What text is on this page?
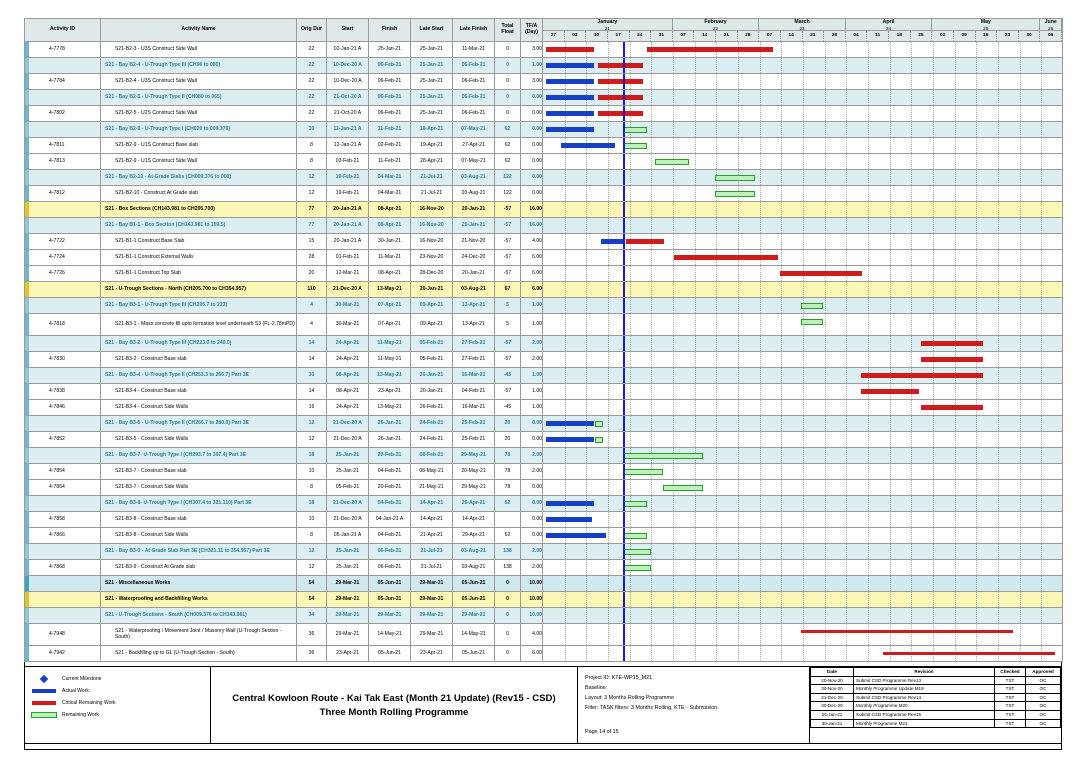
Activity ID	Activity Name	Orig Dur	Start	Finish	Late Start	Late Finish	Total Float	TF/A (Day)	
January
21
February
22
March
23
April
24
May
25
June
26
27	03	10	17	24	31	07	14	21	28	07	14	21	28	04	11	18	25	02	09	16	23	30	06

4-7778	S21-B2-3 - U3S Construct Side Wall	22	02-Jan-21 A	25-Jan-21	25-Jan-21	11-Mar-21	0	3.00	

	S21 - Bay B2-4 - U-Trough Type III (CH96 to 080)	22	10-Dec-20 A	06-Feb-21	25-Jan-21	06-Feb-21	0	1.00	

4-7784	S21-B2-4 - U3S Construct Side Wall	22	10-Dec-20 A	06-Feb-21	25-Jan-21	06-Feb-21	0	3.00	

	S21 - Bay B2-5 - U-Trough Type II (CH080 to 065)	22	21-Oct-20 A	06-Feb-21	25-Jan-21	06-Feb-21	0	0.00	

4-7802	S21-B2-5 - U2S Construct Side Wall	22	21-Oct-20 A	06-Feb-21	25-Jan-21	06-Feb-21	0	0.00	

	S21 - Bay B2-9 - U-Trough Type I (CH020 to 009.376)	39	11-Jan-21 A	11-Feb-21	19-Apr-21	07-May-21	62	0.00	

4-7811	S21-B2-9 - U1S Construct Base slab	8	12-Jan-21 A	02-Feb-21	19-Apr-21	27-Apr-21	62	0.00	

4-7813	S21-B2-9 - U1S Construct Side Wall	8	03-Feb-21	11-Feb-21	28-Apr-21	07-May-21	62	0.00	

	S21 - Bay B2-10 - At-Grade Slabs (CH009.376 to 000)	12	19-Feb-21	04-Mar-21	21-Jul-21	03-Aug-21	122	0.00	

4-7812	S21-B2-10 - Construct At Grade slab	12	19-Feb-21	04-Mar-21	21-Jul-21	03-Aug-21	122	0.00	

	S21 - Box Sections (CH143.981 to CH205.700)	77	20-Jan-21 A	08-Apr-21	16-Nov-20	20-Jan-21	-57	16.00	

	S21 - Bay B1-1 - Box Section (CH143.981 to 159.5)	77	20-Jan-21 A	08-Apr-21	16-Nov-20	20-Jan-21	-57	16.00	

4-7722	S21-B1-1 Construct Base Slab	15	20-Jan-21 A	30-Jan-21	16-Nov-20	21-Nov-20	-57	4.00	

4-7724	S21-B1-1 Construct External Walls	28	01-Feb-21	11-Mar-21	23-Nov-20	24-Dec-20	-57	6.00	

4-7726	S21-B1-1 Construct Top Slab	20	12-Mar-21	08-Apr-21	28-Dec-20	20-Jan-21	-57	6.00	

	S21 - U-Trough Sections - North (CH205.700 to CH354.957)	110	21-Dec-20 A	13-May-21	20-Jan-21	03-Aug-21	67	6.00	

	S21 - Bay B3-1 - U-Trough Type III (CH205.7 to 223)	4	30-Mar-21	07-Apr-21	09-Apr-21	13-Apr-21	5	1.00	

4-7818	S21-B3-1 - Mass concrete fill upto formation level underneath S3 (FL-2.78mPD)	4	30-Mar-21	07-Apr-21	09-Apr-21	13-Apr-21	5	1.00	

	S21 - Bay B3-2 - U-Trough Type III (CH223.0 to 240.0)	14	24-Apr-21	11-May-21	05-Feb-21	27-Feb-21	-57	2.00	

4-7830	S21-B3-2 - Construct Base slab	14	24-Apr-21	11-May-21	05-Feb-21	27-Feb-21	-57	2.00	

	S21 - Bay B3-4 - U-Trough Type II (CH253.3 to 266.7) Part 3E	30	08-Apr-21	13-May-21	20-Jan-21	16-Mar-21	-45	1.00	

4-7838	S21-B3-4 - Construct Base slab	14	08-Apr-21	23-Apr-21	20-Jan-21	04-Feb-21	-57	1.00	

4-7846	S21-B3-4 - Construct Side Walls	16	24-Apr-21	13-May-21	26-Feb-21	16-Mar-21	-45	1.00	

	S21 - Bay B3-5 - U-Trough Type II (CH266.7 to 280.0) Part 3E	12	21-Dec-20 A	26-Jan-21	24-Feb-21	25-Feb-21	20	0.00	

4-7852	S21-B3-5 - Construct Side Walls	12	21-Dec-20 A	26-Jan-21	24-Feb-21	25-Feb-21	20	0.00	

	S21 - Bay B3-7- U-Trough Type I (CH293.7 to 307.4) Part 3E	18	25-Jan-21	20-Feb-21	08-Feb-21	29-May-21	78	2.00	

4-7854	S21-B3-7 - Construct Base slab	10	25-Jan-21	04-Feb-21	08-May-21	20-May-21	78	2.00	

4-7864	S21-B3-7 - Construct Side Walls	8	05-Feb-21	20-Feb-21	21-May-21	29-May-21	78	0.00	

	S21 - Bay B3-8- U-Trough Type I (CH307.4 to 321.110) Part 3E	18	21-Dec-20 A	04-Feb-21	14-Apr-21	29-Apr-21	62	0.00	

4-7858	S21-B3-8 - Construct Base slab	10	21-Dec-20 A	04-Jan-21 A	14-Apr-21	14-Apr-21		0.00	

4-7866	S21-B3-8 - Construct Side Walls	8	05-Jan-21 A	04-Feb-21	21-Apr-21	29-Apr-21	62	0.00	

	S21 - Bay B3-9 - At Grade Slab Part 3E (CH321.11 to 354.957) Part 3E	12	25-Jan-21	06-Feb-21	21-Jul-21	03-Aug-21	138	2.00	

4-7868	S21-B3-9 - Construct At Grade slab	12	25-Jan-21	06-Feb-21	21-Jul-21	03-Aug-21	138	2.00	

	S21 - Miscellaneous Works	54	29-Mar-21	05-Jun-21	29-Mar-21	05-Jun-21	0	10.00	

	S21 - Waterproofing and Backfilling Works	54	29-Mar-21	05-Jun-21	29-Mar-21	05-Jun-21	0	10.00	

	S21 - U-Trough Sections - South (CH009.376 to CH143.981)	34	29-Mar-21	29-Mar-21	29-Mar-21	29-Mar-21	0	10.00	

4-7948	S21 - Waterproofing / Movement Joint / Masonry Wall (U-Trough Section - South)	36	29-Mar-21	14-May-21	29-Mar-21	14-May-21	0	4.00	

4-7942	S21 - Backfilling up to GL (U-Trough Section - South)	36	23-Apr-21	05-Jun-21	23-Apr-21	05-Jun-21	0	6.00	
Current Milestone
Actual Work
Critical Remaining Work
Remaining Work
Central Kowloon Route - Kai Tak East (Month 21 Update) (Rev15 - CSD)
Three Month Rolling Programme
Project ID: KTE-WP15_M21
Baseline:
Layout: 3 Months Rolling Programme
Filter: TASK filters: 3 Months Rolling, KTE - Submission.
Page 14 of 15
Date	Revision	Checked	Approved
20-Nov-20	Submit CSD Programme Rev13	TST	OC
30-Nov-20	Monthly Programme Update M19	TST	OC
21-Dec-20	Submit CSD Programme Rev14	TST	OC
30-Dec-20	Monthly Programme M20	TST	OC
25-Jan-21	Submit CSD Programme Rev15	TST	OC
30-Jan-21	Monthly Programme M21	TST	OC
